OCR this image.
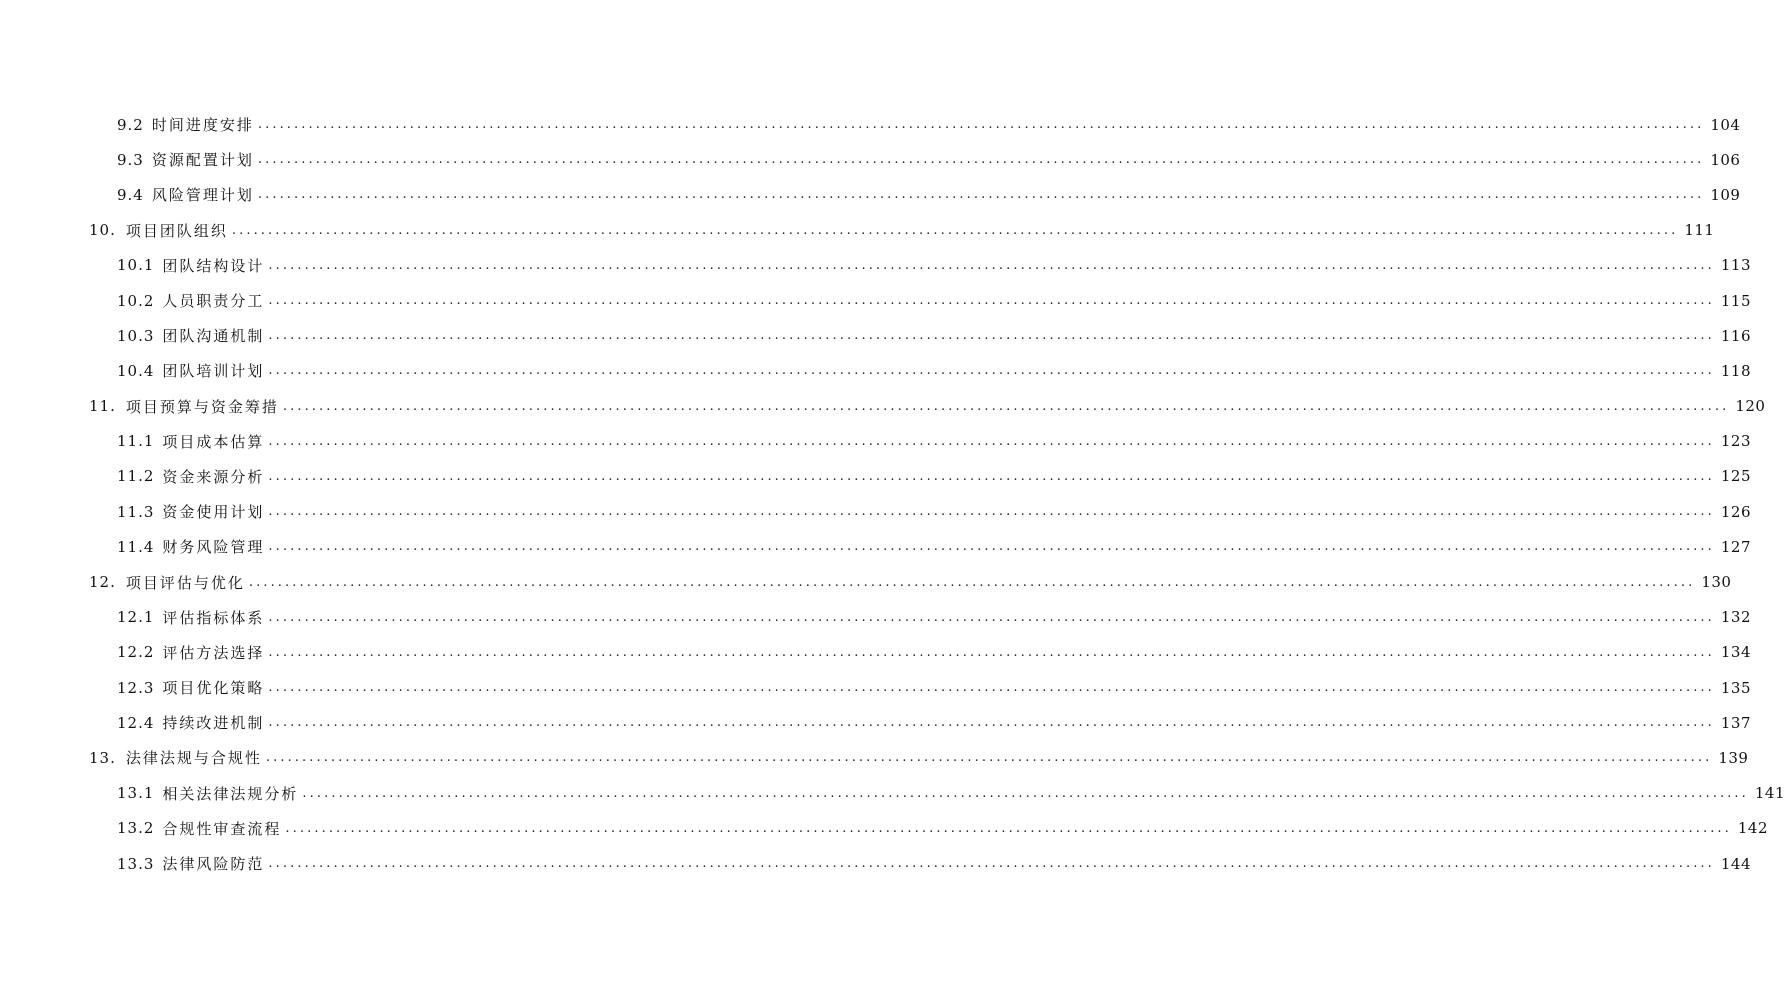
9.2 时间进度安排 ........................................................................................................................................................................................................ 104
9.3 资源配置计划 ........................................................................................................................................................................................................ 106
9.4 风险管理计划 ........................................................................................................................................................................................................ 109
10. 项目团队组织 ........................................................................................................................................................................................................ 111
10.1 团队结构设计 ........................................................................................................................................................................................................ 113
10.2 人员职责分工 ........................................................................................................................................................................................................ 115
10.3 团队沟通机制 ........................................................................................................................................................................................................ 116
10.4 团队培训计划 ........................................................................................................................................................................................................ 118
11. 项目预算与资金筹措 ........................................................................................................................................................................................................ 120
11.1 项目成本估算 ........................................................................................................................................................................................................ 123
11.2 资金来源分析 ........................................................................................................................................................................................................ 125
11.3 资金使用计划 ........................................................................................................................................................................................................ 126
11.4 财务风险管理 ........................................................................................................................................................................................................ 127
12. 项目评估与优化 ........................................................................................................................................................................................................ 130
12.1 评估指标体系 ........................................................................................................................................................................................................ 132
12.2 评估方法选择 ........................................................................................................................................................................................................ 134
12.3 项目优化策略 ........................................................................................................................................................................................................ 135
12.4 持续改进机制 ........................................................................................................................................................................................................ 137
13. 法律法规与合规性 ........................................................................................................................................................................................................ 139
13.1 相关法律法规分析 ........................................................................................................................................................................................................ 141
13.2 合规性审查流程 ........................................................................................................................................................................................................ 142
13.3 法律风险防范 ........................................................................................................................................................................................................ 144
